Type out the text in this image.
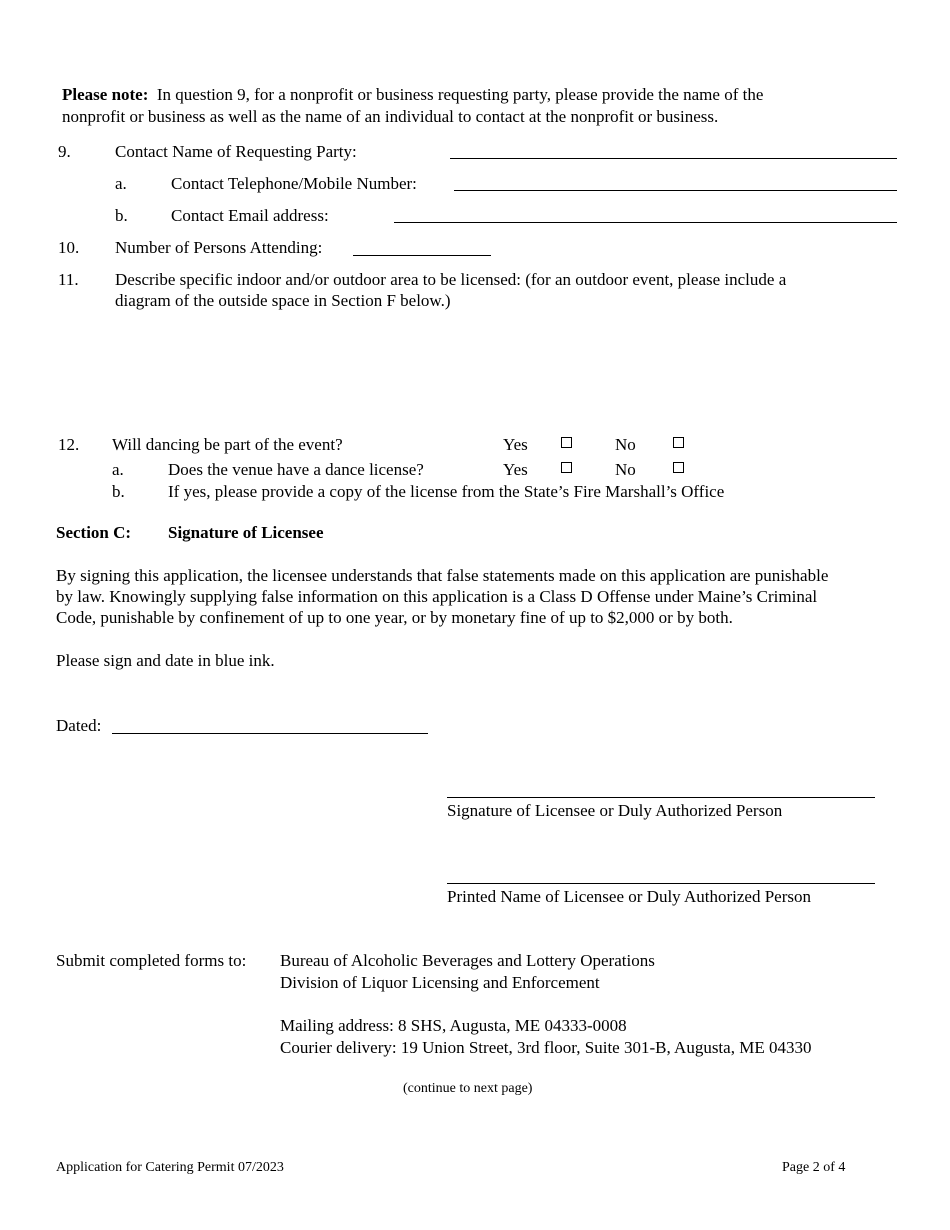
Please note: In question 9, for a nonprofit or business requesting party, please provide the name of the
nonprofit or business as well as the name of an individual to contact at the nonprofit or business.
9.	Contact Name of Requesting Party:
a.	Contact Telephone/Mobile Number:
b.	Contact Email address:
10. Number of Persons Attending:
11. Describe specific indoor and/or outdoor area to be licensed: (for an outdoor event, please include a
diagram of the outside space in Section F below.)
12. Will dancing be part of the event?	Yes	No
a.	Does the venue have a dance license?	Yes	No
b.	If yes, please provide a copy of the license from the State’s Fire Marshall’s Office
Section C: Signature of Licensee
By signing this application, the licensee understands that false statements made on this application are punishable
by law. Knowingly supplying false information on this application is a Class D Offense under Maine’s Criminal
Code, punishable by confinement of up to one year, or by monetary fine of up to $2,000 or by both.
Please sign and date in blue ink.
Dated:
Signature of Licensee or Duly Authorized Person
Printed Name of Licensee or Duly Authorized Person
Submit completed forms to: Bureau of Alcoholic Beverages and Lottery Operations
Division of Liquor Licensing and Enforcement
Mailing address: 8 SHS, Augusta, ME 04333-0008
Courier delivery: 19 Union Street, 3rd floor, Suite 301-B, Augusta, ME 04330
(continue to next page)
Application for Catering Permit 07/2023	Page 2 of 4
